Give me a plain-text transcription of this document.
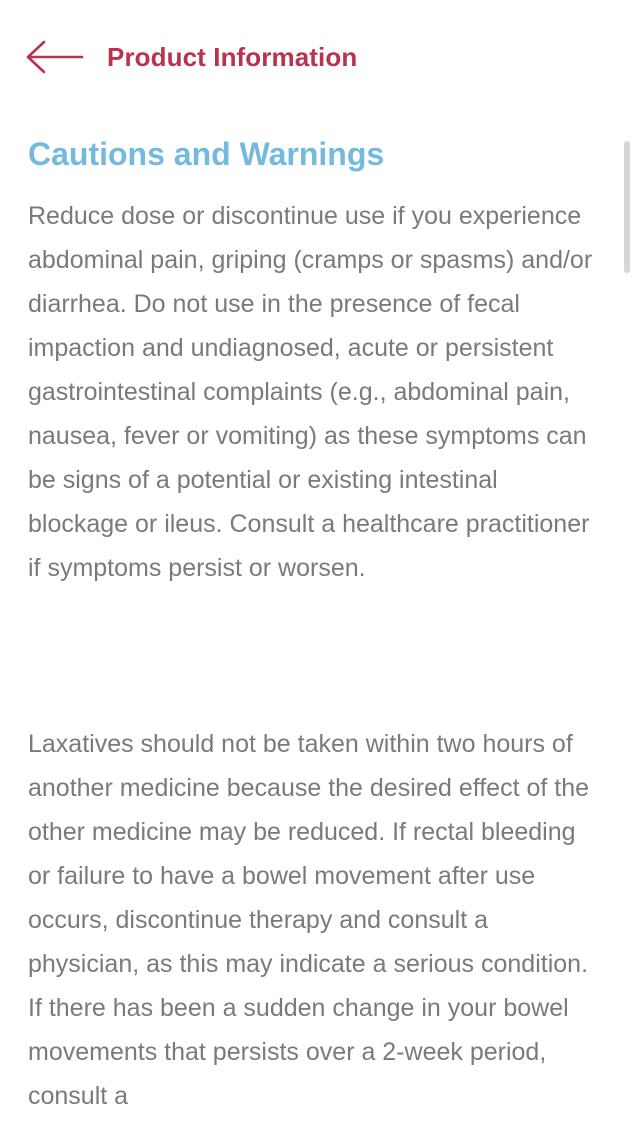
Product Information
Cautions and Warnings

Reduce dose or discontinue use if you experience abdominal pain, griping (cramps or spasms) and/or diarrhea. Do not use in the presence of fecal impaction and undiagnosed, acute or persistent gastrointestinal complaints (e.g., abdominal pain, nausea, fever or vomiting) as these symptoms can be signs of a potential or existing intestinal blockage or ileus. Consult a healthcare practitioner if symptoms persist or worsen.

Laxatives should not be taken within two hours of another medicine because the desired effect of the other medicine may be reduced. If rectal bleeding or failure to have a bowel movement after use occurs, discontinue therapy and consult a physician, as this may indicate a serious condition. If there has been a sudden change in your bowel movements that persists over a 2-week period, consult a
